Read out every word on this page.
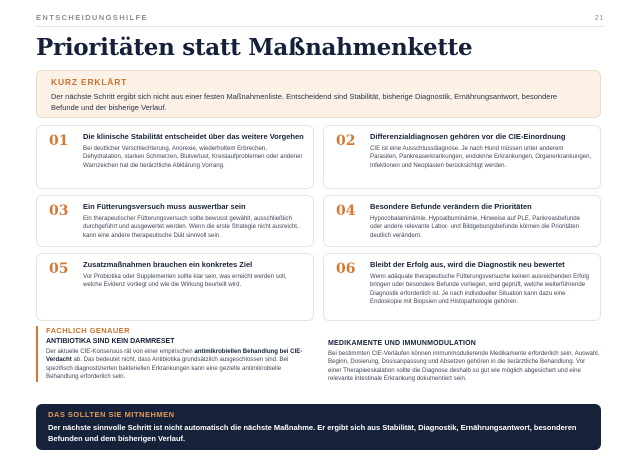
ENTSCHEIDUNGSHILFE	21
Prioritäten statt Maßnahmenkette
KURZ ERKLÄRT
Der nächste Schritt ergibt sich nicht aus einer festen Maßnahmenliste. Entscheidend sind Stabilität, bisherige Diagnostik, Ernährungsantwort, besondere Befunde und der bisherige Verlauf.
01	Die klinische Stabilität entscheidet über das weitere Vorgehen
Bei deutlicher Verschlechterung, Anorexie, wiederholtem Erbrechen, Dehydratation, starken Schmerzen, Blutverlust, Kreislaufproblemen oder anderen Warnzeichen hat die tierärztliche Abklärung Vorrang.
02	Differenzialdiagnosen gehören vor die CIE-Einordnung
CIE ist eine Ausschlussdiagnose. Je nach Hund müssen unter anderem Parasiten, Pankreaserkrankungen, endokrine Erkrankungen, Organerkrankungen, Infektionen und Neoplasien berücksichtigt werden.
03	Ein Fütterungsversuch muss auswertbar sein
Ein therapeutischer Fütterungsversuch sollte bewusst gewählt, ausschließlich durchgeführt und ausgewertet werden. Wenn die erste Strategie nicht ausreicht, kann eine andere therapeutische Diät sinnvoll sein.
04	Besondere Befunde verändern die Prioritäten
Hypocobalaminämie, Hypoalbuminämie, Hinweise auf PLE, Pankreasbefunde oder andere relevante Labor- und Bildgebungsbefunde können die Prioritäten deutlich verändern.
05	Zusatzmaßnahmen brauchen ein konkretes Ziel
Vor Probiotika oder Supplementen sollte klar sein, was erreicht werden soll, welche Evidenz vorliegt und wie die Wirkung beurteilt wird.
06	Bleibt der Erfolg aus, wird die Diagnostik neu bewertet
Wenn adäquate therapeutische Fütterungsversuche keinen ausreichenden Erfolg bringen oder besondere Befunde vorliegen, wird geprüft, welche weiterführende Diagnostik erforderlich ist. Je nach individueller Situation kann dazu eine Endoskopie mit Biopsien und Histopathologie gehören.
FACHLICH GENAUER
ANTIBIOTIKA SIND KEIN DARMRESET
Der aktuelle CIE-Konsensus rät von einer empirischen antimikrobiellen Behandlung bei CIE-Verdacht ab. Das bedeutet nicht, dass Antibiotika grundsätzlich ausgeschlossen sind. Bei spezifisch diagnostizierten bakteriellen Erkrankungen kann eine gezielte antimikrobielle Behandlung erforderlich sein.
MEDIKAMENTE UND IMMUNMODULATION
Bei bestimmten CIE-Verläufen können immunmodulierende Medikamente erforderlich sein. Auswahl, Beginn, Dosierung, Dosisanpassung und Absetzen gehören in die tierärztliche Behandlung. Vor einer Therapieeskalation sollte die Diagnose deshalb so gut wie möglich abgesichert und eine relevante intestinale Erkrankung dokumentiert sein.
DAS SOLLTEN SIE MITNEHMEN
Der nächste sinnvolle Schritt ist nicht automatisch die nächste Maßnahme. Er ergibt sich aus Stabilität, Diagnostik, Ernährungsantwort, besonderen Befunden und dem bisherigen Verlauf.
